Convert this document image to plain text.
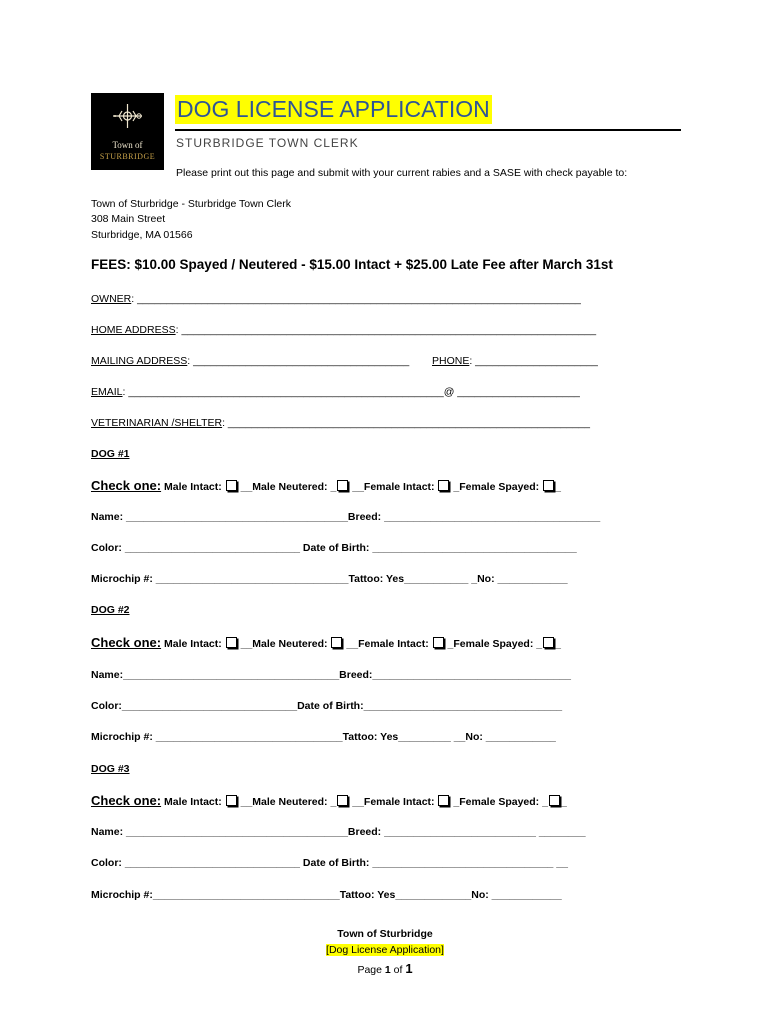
Town of
STURBRIDGE
DOG LICENSE APPLICATION
STURBRIDGE TOWN CLERK
Please print out this page and submit with your current rabies and a SASE with check payable to:
Town of Sturbridge - Sturbridge Town Clerk
308 Main Street
Sturbridge, MA 01566
FEES: $10.00 Spayed / Neutered - $15.00 Intact + $25.00 Late Fee after March 31st
OWNER: ____________________________________________________________________________
HOME ADDRESS: _______________________________________________________________________
MAILING ADDRESS: _____________________________________ PHONE: _____________________
EMAIL: ______________________________________________________@ _____________________
VETERINARIAN /SHELTER: ______________________________________________________________
DOG #1
Check one: Male Intact: __Male Neutered: _ __Female Intact: _Female Spayed: _
Name: ______________________________________Breed: _____________________________________
Color: ______________________________ Date of Birth: ___________________________________
Microchip #: _________________________________Tattoo: Yes___________ _No: ____________
DOG #2
Check one: Male Intact: __Male Neutered: __Female Intact: _Female Spayed: _ _
Name:_____________________________________Breed:__________________________________
Color:______________________________Date of Birth:__________________________________
Microchip #: ________________________________Tattoo: Yes_________ __No: ____________
DOG #3
Check one: Male Intact: __Male Neutered: _ __Female Intact: _Female Spayed: _ _
Name: ______________________________________Breed: __________________________ ________
Color: ______________________________ Date of Birth: _______________________________ __
Microchip #:________________________________Tattoo: Yes_____________No: ____________
Town of Sturbridge
[Dog License Application]
Page 1 of 1
